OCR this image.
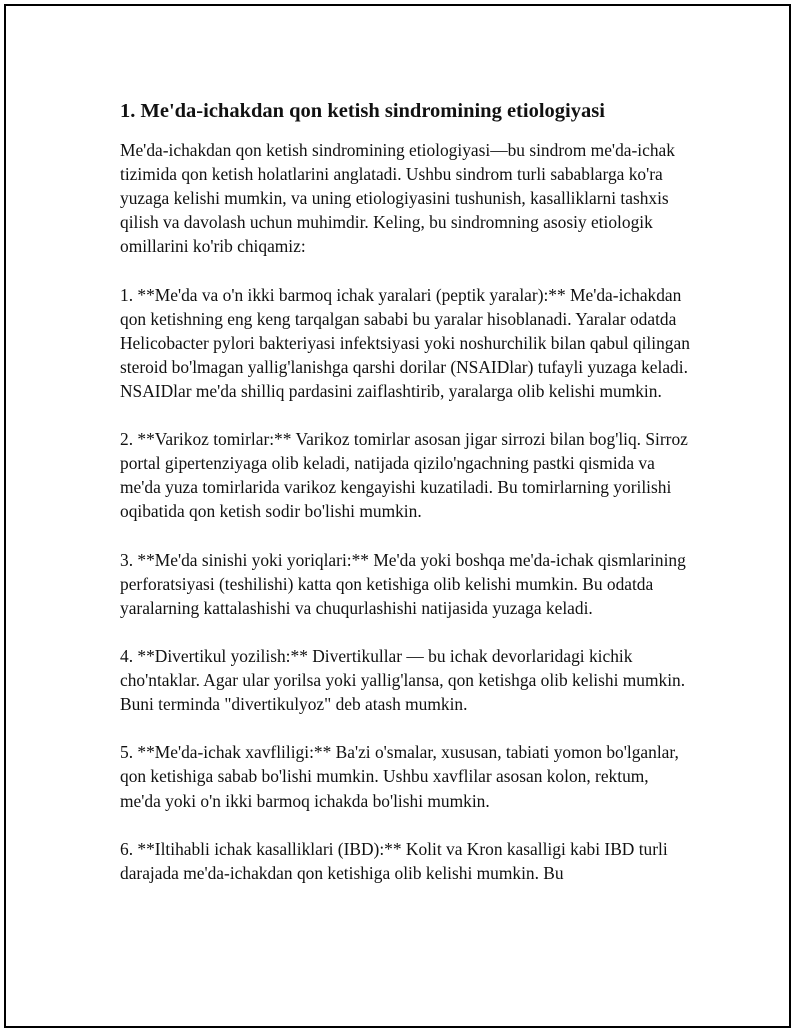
1. Me'da-ichakdan qon ketish sindromining etiologiyasi

Me'da-ichakdan qon ketish sindromining etiologiyasi—bu sindrom me'da-ichak tizimida qon ketish holatlarini anglatadi. Ushbu sindrom turli sabablarga ko'ra yuzaga kelishi mumkin, va uning etiologiyasini tushunish, kasalliklarni tashxis qilish va davolash uchun muhimdir. Keling, bu sindromning asosiy etiologik omillarini ko'rib chiqamiz:

1. **Me'da va o'n ikki barmoq ichak yaralari (peptik yaralar):** Me'da-ichakdan qon ketishning eng keng tarqalgan sababi bu yaralar hisoblanadi. Yaralar odatda Helicobacter pylori bakteriyasi infektsiyasi yoki noshurchilik bilan qabul qilingan steroid bo'lmagan yallig'lanishga qarshi dorilar (NSAIDlar) tufayli yuzaga keladi. NSAIDlar me'da shilliq pardasini zaiflashtirib, yaralarga olib kelishi mumkin.

2. **Varikoz tomirlar:** Varikoz tomirlar asosan jigar sirrozi bilan bog'liq. Sirroz portal gipertenziyaga olib keladi, natijada qizilo'ngachning pastki qismida va me'da yuza tomirlarida varikoz kengayishi kuzatiladi. Bu tomirlarning yorilishi oqibatida qon ketish sodir bo'lishi mumkin.

3. **Me'da sinishi yoki yoriqlari:** Me'da yoki boshqa me'da-ichak qismlarining perforatsiyasi (teshilishi) katta qon ketishiga olib kelishi mumkin. Bu odatda yaralarning kattalashishi va chuqurlashishi natijasida yuzaga keladi.

4. **Divertikul yozilish:** Divertikullar — bu ichak devorlaridagi kichik cho'ntaklar. Agar ular yorilsa yoki yallig'lansa, qon ketishga olib kelishi mumkin. Buni terminda "divertikulyoz" deb atash mumkin.

5. **Me'da-ichak xavfliligi:** Ba'zi o'smalar, xususan, tabiati yomon bo'lganlar, qon ketishiga sabab bo'lishi mumkin. Ushbu xavflilar asosan kolon, rektum, me'da yoki o'n ikki barmoq ichakda bo'lishi mumkin.

6. **Iltihabli ichak kasalliklari (IBD):** Kolit va Kron kasalligi kabi IBD turli darajada me'da-ichakdan qon ketishiga olib kelishi mumkin. Bu
